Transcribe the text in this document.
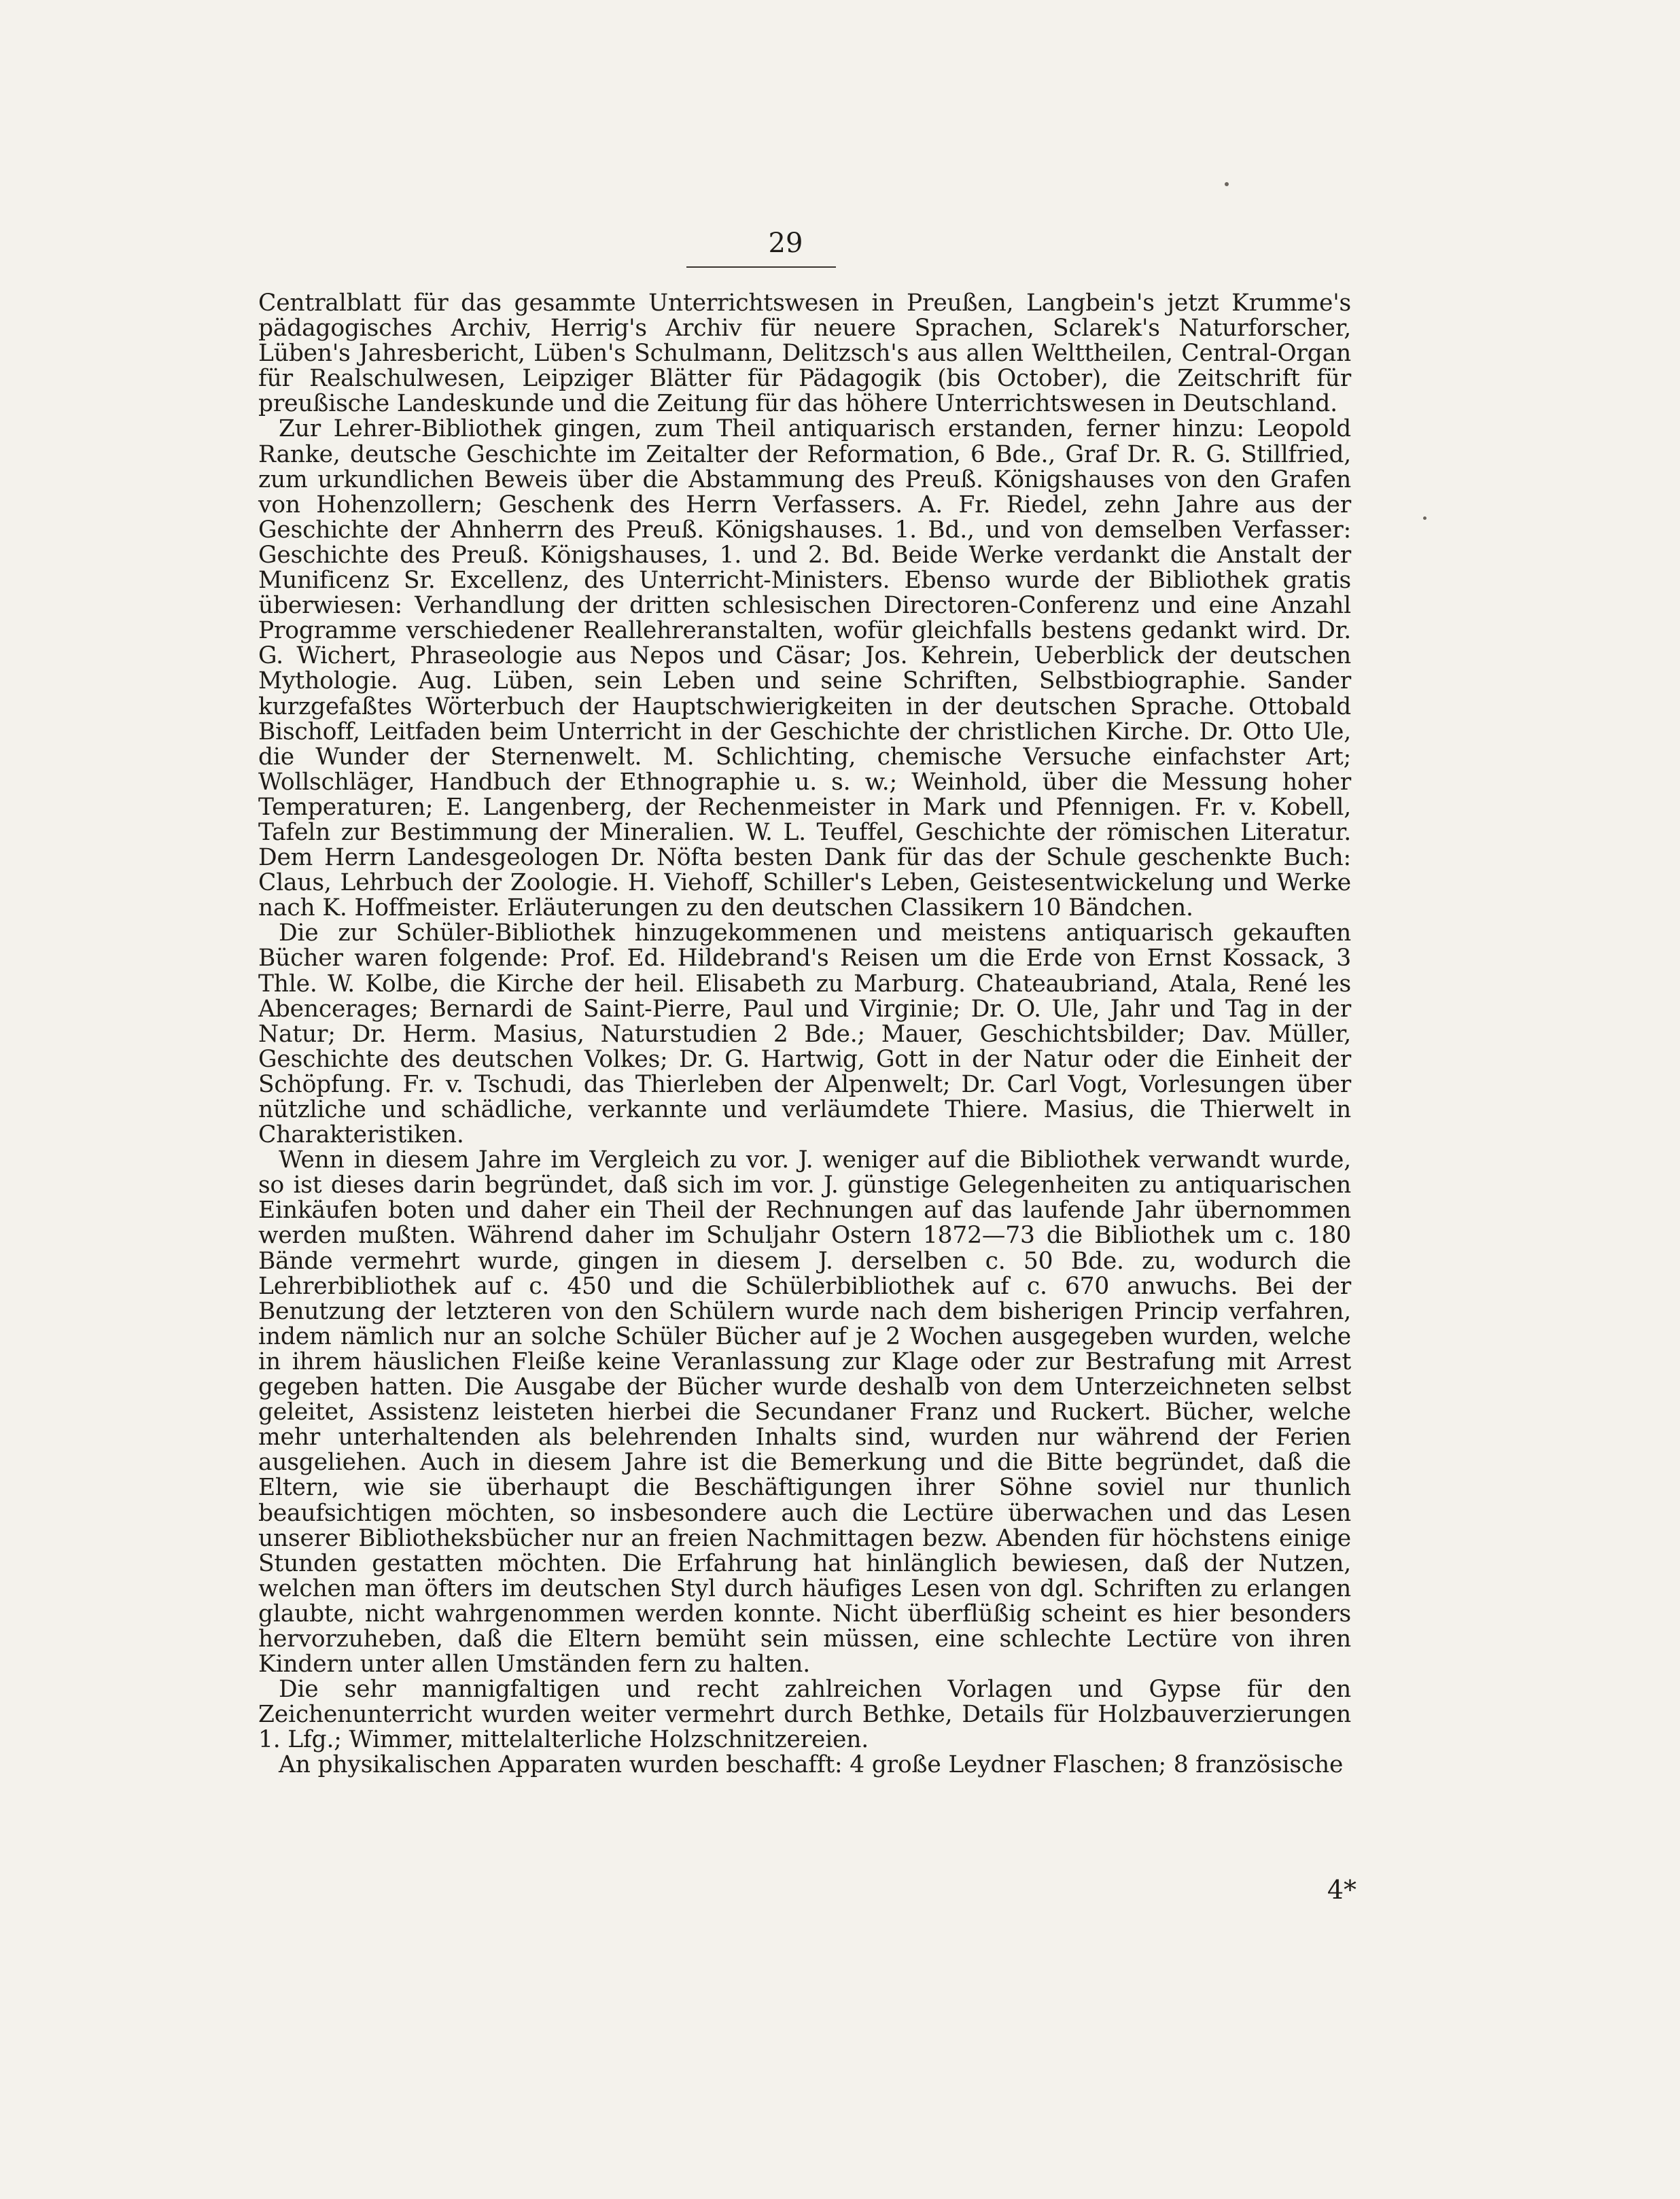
29

Centralblatt für das gesammte Unterrichtswesen in Preußen, Langbein's jetzt Krumme's pädagogisches Archiv, Herrig's Archiv für neuere Sprachen, Sclarek's Naturforscher, Lüben's Jahresbericht, Lüben's Schulmann, Delitzsch's aus allen Welttheilen, Central-Organ für Realschulwesen, Leipziger Blätter für Pädagogik (bis October), die Zeitschrift für preußische Landeskunde und die Zeitung für das höhere Unterrichtswesen in Deutschland.

Zur Lehrer-Bibliothek gingen, zum Theil antiquarisch erstanden, ferner hinzu: Leopold Ranke, deutsche Geschichte im Zeitalter der Reformation, 6 Bde., Graf Dr. R. G. Stillfried, zum urkundlichen Beweis über die Abstammung des Preuß. Königshauses von den Grafen von Hohenzollern; Geschenk des Herrn Verfassers. A. Fr. Riedel, zehn Jahre aus der Geschichte der Ahnherrn des Preuß. Königshauses. 1. Bd., und von demselben Verfasser: Geschichte des Preuß. Königshauses, 1. und 2. Bd. Beide Werke verdankt die Anstalt der Munificenz Sr. Excellenz, des Unterricht-Ministers. Ebenso wurde der Bibliothek gratis überwiesen: Verhandlung der dritten schlesischen Directoren-Conferenz und eine Anzahl Programme verschiedener Reallehreranstalten, wofür gleichfalls bestens gedankt wird. Dr. G. Wichert, Phraseologie aus Nepos und Cäsar; Jos. Kehrein, Ueberblick der deutschen Mythologie. Aug. Lüben, sein Leben und seine Schriften, Selbstbiographie. Sander kurzgefaßtes Wörterbuch der Hauptschwierigkeiten in der deutschen Sprache. Ottobald Bischoff, Leitfaden beim Unterricht in der Geschichte der christlichen Kirche. Dr. Otto Ule, die Wunder der Sternenwelt. M. Schlichting, chemische Versuche einfachster Art; Wollschläger, Handbuch der Ethnographie u. s. w.; Weinhold, über die Messung hoher Temperaturen; E. Langenberg, der Rechenmeister in Mark und Pfennigen. Fr. v. Kobell, Tafeln zur Bestimmung der Mineralien. W. L. Teuffel, Geschichte der römischen Literatur. Dem Herrn Landesgeologen Dr. Nöfta besten Dank für das der Schule geschenkte Buch: Claus, Lehrbuch der Zoologie. H. Viehoff, Schiller's Leben, Geistesentwickelung und Werke nach K. Hoffmeister. Erläuterungen zu den deutschen Classikern 10 Bändchen.

Die zur Schüler-Bibliothek hinzugekommenen und meistens antiquarisch gekauften Bücher waren folgende: Prof. Ed. Hildebrand's Reisen um die Erde von Ernst Kossack, 3 Thle. W. Kolbe, die Kirche der heil. Elisabeth zu Marburg. Chateaubriand, Atala, René les Abencerages; Bernardi de Saint-Pierre, Paul und Virginie; Dr. O. Ule, Jahr und Tag in der Natur; Dr. Herm. Masius, Naturstudien 2 Bde.; Mauer, Geschichtsbilder; Dav. Müller, Geschichte des deutschen Volkes; Dr. G. Hartwig, Gott in der Natur oder die Einheit der Schöpfung. Fr. v. Tschudi, das Thierleben der Alpenwelt; Dr. Carl Vogt, Vorlesungen über nützliche und schädliche, verkannte und verläumdete Thiere. Masius, die Thierwelt in Charakteristiken.

Wenn in diesem Jahre im Vergleich zu vor. J. weniger auf die Bibliothek verwandt wurde, so ist dieses darin begründet, daß sich im vor. J. günstige Gelegenheiten zu antiquarischen Einkäufen boten und daher ein Theil der Rechnungen auf das laufende Jahr übernommen werden mußten. Während daher im Schuljahr Ostern 1872—73 die Bibliothek um c. 180 Bände vermehrt wurde, gingen in diesem J. derselben c. 50 Bde. zu, wodurch die Lehrerbibliothek auf c. 450 und die Schülerbibliothek auf c. 670 anwuchs. Bei der Benutzung der letzteren von den Schülern wurde nach dem bisherigen Princip verfahren, indem nämlich nur an solche Schüler Bücher auf je 2 Wochen ausgegeben wurden, welche in ihrem häuslichen Fleiße keine Veranlassung zur Klage oder zur Bestrafung mit Arrest gegeben hatten. Die Ausgabe der Bücher wurde deshalb von dem Unterzeichneten selbst geleitet, Assistenz leisteten hierbei die Secundaner Franz und Ruckert. Bücher, welche mehr unterhaltenden als belehrenden Inhalts sind, wurden nur während der Ferien ausgeliehen. Auch in diesem Jahre ist die Bemerkung und die Bitte begründet, daß die Eltern, wie sie überhaupt die Beschäftigungen ihrer Söhne soviel nur thunlich beaufsichtigen möchten, so insbesondere auch die Lectüre überwachen und das Lesen unserer Bibliotheksbücher nur an freien Nachmittagen bezw. Abenden für höchstens einige Stunden gestatten möchten. Die Erfahrung hat hinlänglich bewiesen, daß der Nutzen, welchen man öfters im deutschen Styl durch häufiges Lesen von dgl. Schriften zu erlangen glaubte, nicht wahrgenommen werden konnte. Nicht überflüßig scheint es hier besonders hervorzuheben, daß die Eltern bemüht sein müssen, eine schlechte Lectüre von ihren Kindern unter allen Umständen fern zu halten.

Die sehr mannigfaltigen und recht zahlreichen Vorlagen und Gypse für den Zeichenunterricht wurden weiter vermehrt durch Bethke, Details für Holzbauverzierungen 1. Lfg.; Wimmer, mittelalterliche Holzschnitzereien.

An physikalischen Apparaten wurden beschafft: 4 große Leydner Flaschen; 8 französische

4*
